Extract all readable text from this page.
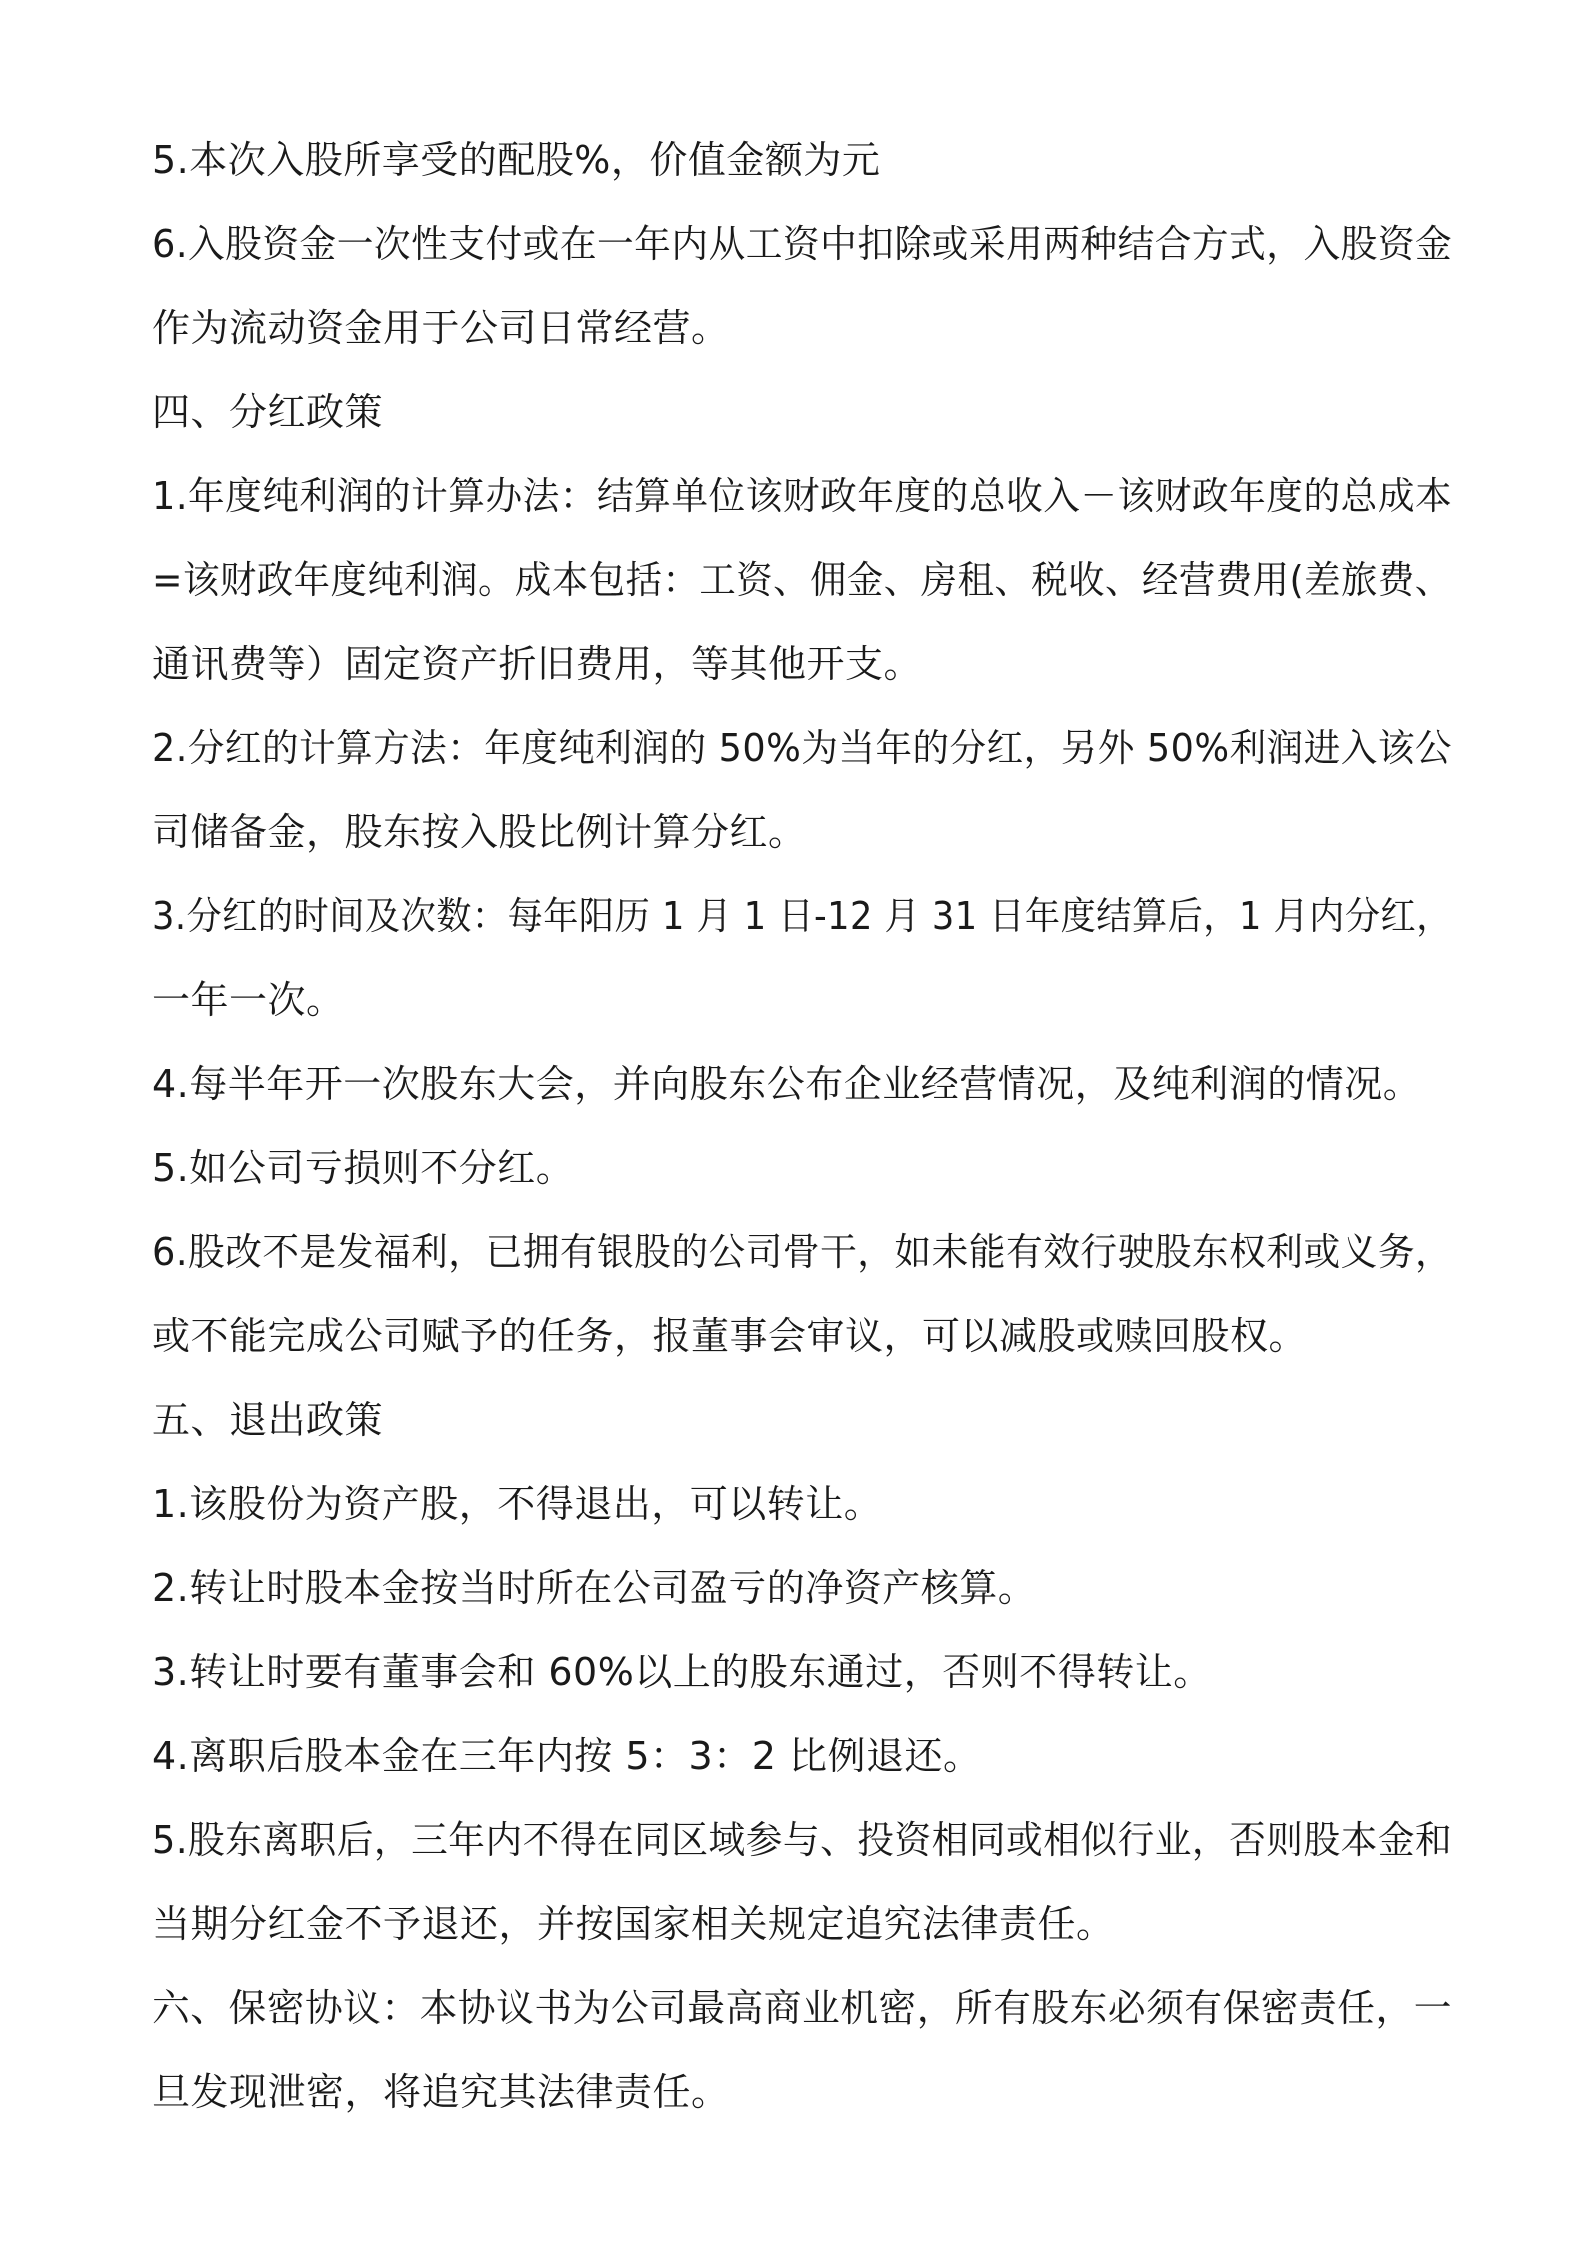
5.本次入股所享受的配股%，价值金额为元
6.入股资金一次性支付或在一年内从工资中扣除或采用两种结合方式，入股资金
作为流动资金用于公司日常经营。
四、分红政策
1.年度纯利润的计算办法：结算单位该财政年度的总收入－该财政年度的总成本
=该财政年度纯利润。成本包括：工资、佣金、房租、税收、经营费用(差旅费、
通讯费等）固定资产折旧费用，等其他开支。
2.分红的计算方法：年度纯利润的 50%为当年的分红，另外 50%利润进入该公
司储备金，股东按入股比例计算分红。
3.分红的时间及次数：每年阳历 1 月 1 日-12 月 31 日年度结算后，1 月内分红，
一年一次。
4.每半年开一次股东大会，并向股东公布企业经营情况，及纯利润的情况。
5.如公司亏损则不分红。
6.股改不是发福利，已拥有银股的公司骨干，如未能有效行驶股东权利或义务，
或不能完成公司赋予的任务，报董事会审议，可以减股或赎回股权。
五、退出政策
1.该股份为资产股，不得退出，可以转让。
2.转让时股本金按当时所在公司盈亏的净资产核算。
3.转让时要有董事会和 60%以上的股东通过，否则不得转让。
4.离职后股本金在三年内按 5：3：2 比例退还。
5.股东离职后，三年内不得在同区域参与、投资相同或相似行业，否则股本金和
当期分红金不予退还，并按国家相关规定追究法律责任。
六、保密协议：本协议书为公司最高商业机密，所有股东必须有保密责任，一
旦发现泄密，将追究其法律责任。
